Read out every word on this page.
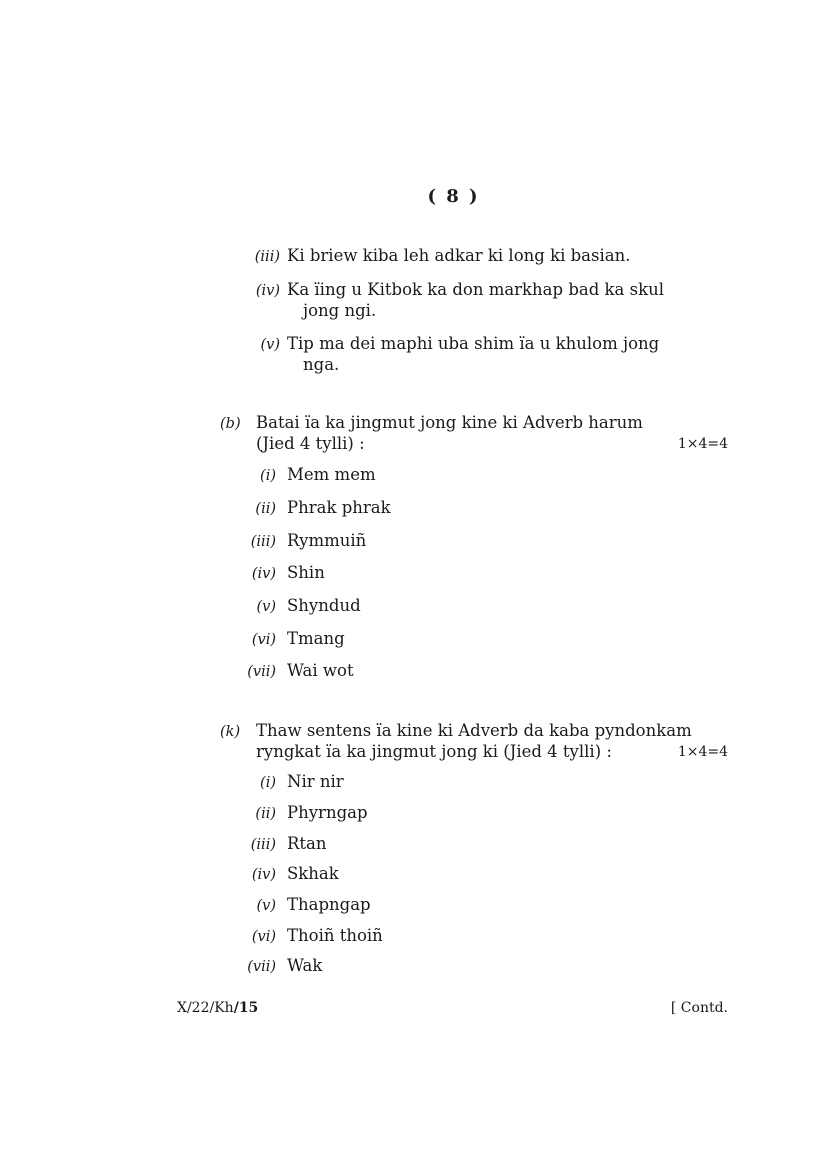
( 8 )
(iii) Ki briew kiba leh adkar ki long ki basian.
(iv) Ka ïing u Kitbok ka don markhap bad ka skul
jong ngi.
(v) Tip ma dei maphi uba shim ïa u khulom jong
nga.
(b) Batai ïa ka jingmut jong kine ki Adverb harum
(Jied 4 tylli) :	1×4=4
(i) Mem mem
(ii) Phrak phrak
(iii) Rymmuiñ
(iv) Shin
(v) Shyndud
(vi) Tmang
(vii) Wai wot
(k) Thaw sentens ïa kine ki Adverb da kaba pyndonkam
ryngkat ïa ka jingmut jong ki (Jied 4 tylli) :	1×4=4
(i) Nir nir
(ii) Phyrngap
(iii) Rtan
(iv) Skhak
(v) Thapngap
(vi) Thoiñ thoiñ
(vii) Wak
X/22/Kh/15	[ Contd.
